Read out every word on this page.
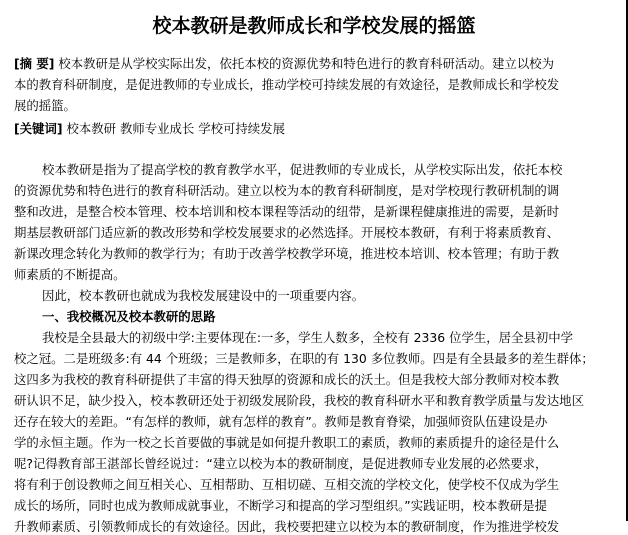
校本教研是教师成长和学校发展的摇篮
[摘 要] 校本教研是从学校实际出发，依托本校的资源优势和特色进行的教育科研活动。建立以校为
本的教育科研制度，是促进教师的专业成长，推动学校可持续发展的有效途径，是教师成长和学校发
展的摇篮。
[关键词] 校本教研 教师专业成长 学校可持续发展
校本教研是指为了提高学校的教育教学水平，促进教师的专业成长，从学校实际出发，依托本校
的资源优势和特色进行的教育科研活动。建立以校为本的教育科研制度，是对学校现行教研机制的调
整和改进，是整合校本管理、校本培训和校本课程等活动的纽带，是新课程健康推进的需要，是新时
期基层教研部门适应新的教改形势和学校发展要求的必然选择。开展校本教研，有利于将素质教育、
新课改理念转化为教师的教学行为；有助于改善学校教学环境，推进校本培训、校本管理；有助于教
师素质的不断提高。
因此，校本教研也就成为我校发展建设中的一项重要内容。
一、我校概况及校本教研的思路
我校是全县最大的初级中学:主要体现在:一多，学生人数多，全校有 2336 位学生，居全县初中学
校之冠。二是班级多:有 44 个班级；三是教师多，在职的有 130 多位教师。四是有全县最多的差生群体；
这四多为我校的教育科研提供了丰富的得天独厚的资源和成长的沃土。但是我校大部分教师对校本教
研认识不足，缺少投入，校本教研还处于初级发展阶段，我校的教育科研水平和教育教学质量与发达地区
还存在较大的差距。“有怎样的教师，就有怎样的教育”。教师是教育脊梁，加强师资队伍建设是办
学的永恒主题。作为一校之长首要做的事就是如何提升教职工的素质，教师的素质提升的途径是什么
呢?记得教育部王湛部长曾经说过：“建立以校为本的教研制度，是促进教师专业发展的必然要求，
将有利于创设教师之间互相关心、互相帮助、互相切磋、互相交流的学校文化，使学校不仅成为学生
成长的场所，同时也成为教师成就事业，不断学习和提高的学习型组织。”实践证明，校本教研是提
升教师素质、引领教师成长的有效途径。因此，我校要把建立以校为本的教研制度，作为推进学校发
